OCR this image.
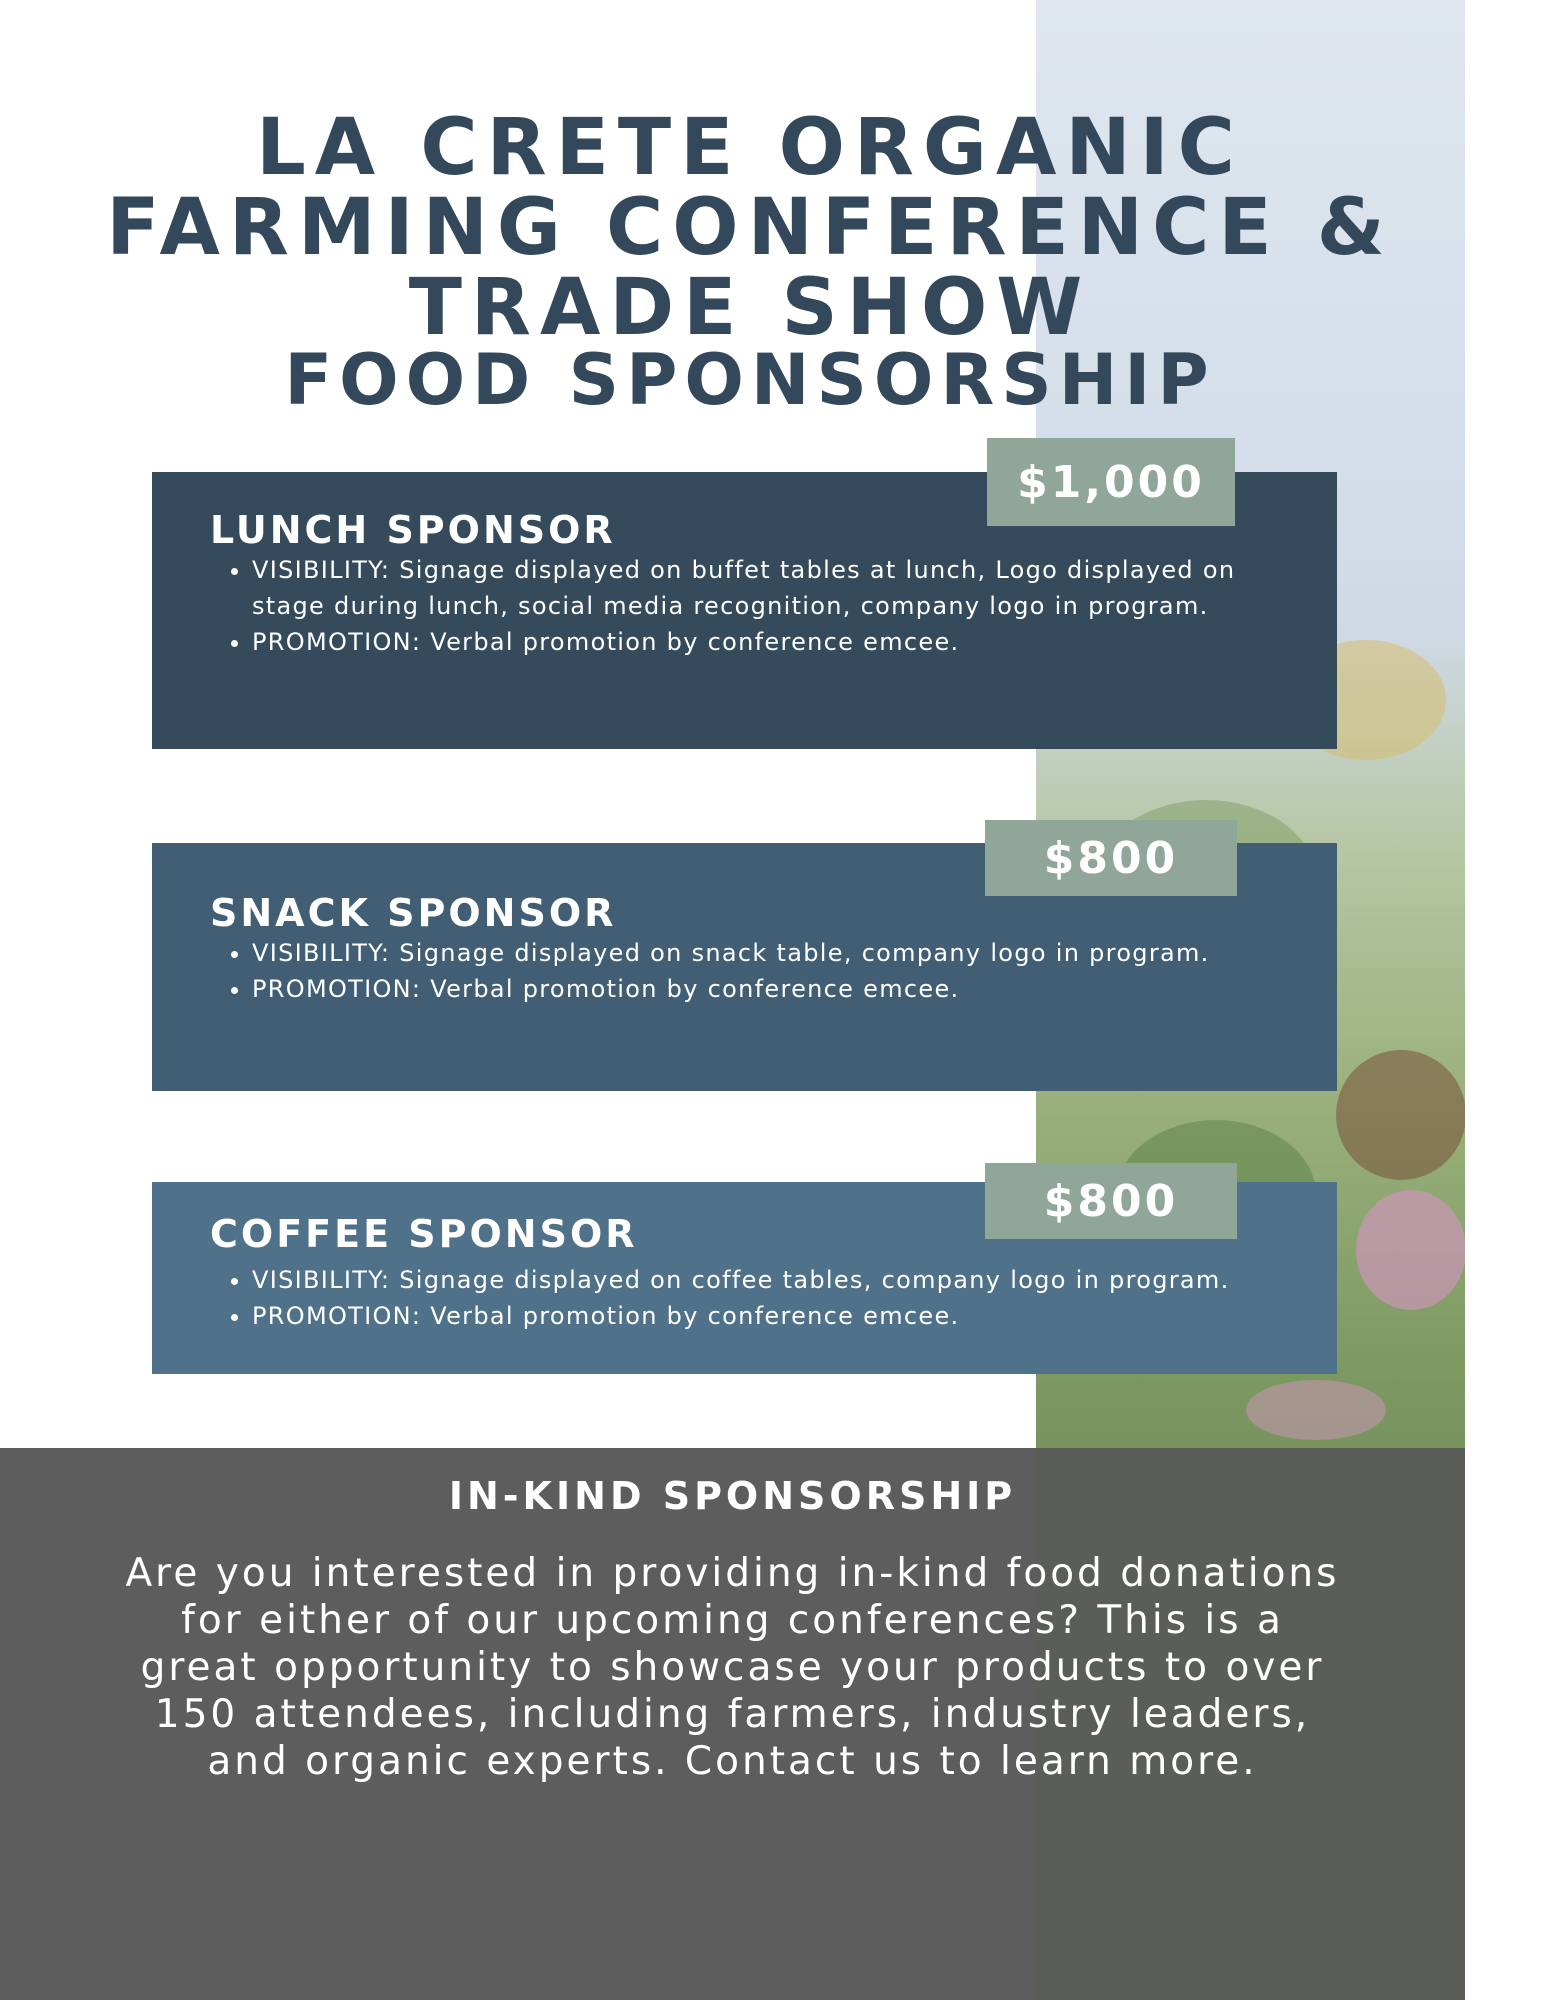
LA CRETE ORGANIC FARMING CONFERENCE & TRADE SHOW
FOOD SPONSORSHIP
LUNCH SPONSOR
• VISIBILITY: Signage displayed on buffet tables at lunch, Logo displayed on stage during lunch, social media recognition, company logo in program.
• PROMOTION: Verbal promotion by conference emcee.
$1,000
SNACK SPONSOR
• VISIBILITY: Signage displayed on snack table, company logo in program.
• PROMOTION: Verbal promotion by conference emcee.
$800
COFFEE SPONSOR
• VISIBILITY: Signage displayed on coffee tables, company logo in program.
• PROMOTION: Verbal promotion by conference emcee.
$800
IN-KIND SPONSORSHIP

Are you interested in providing in-kind food donations for either of our upcoming conferences? This is a great opportunity to showcase your products to over 150 attendees, including farmers, industry leaders, and organic experts. Contact us to learn more.
